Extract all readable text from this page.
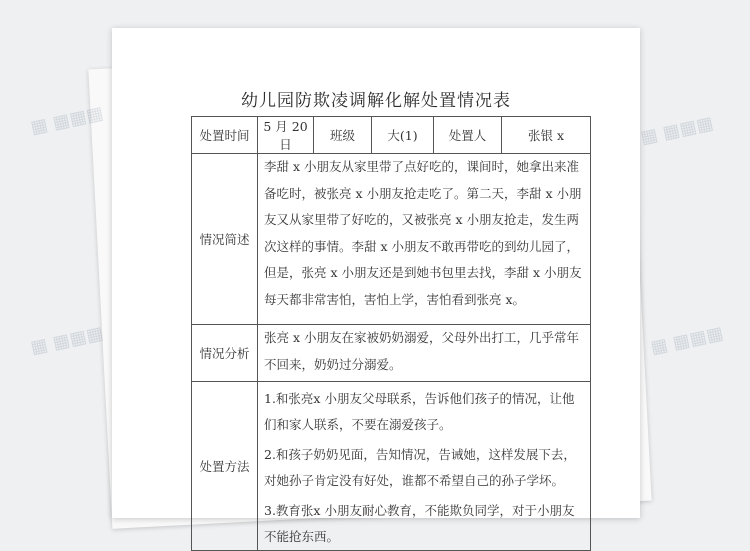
幼儿园防欺凌调解化解处置情况表
处置时间	5 月 20 日	班级	大(1)	处置人	张银 x
情况简述	李甜 x 小朋友从家里带了点好吃的，课间时，她拿出来准备吃时，被张亮 x 小朋友抢走吃了。第二天，李甜 x 小朋友又从家里带了好吃的，又被张亮 x 小朋友抢走，发生两次这样的事情。李甜 x 小朋友不敢再带吃的到幼儿园了，但是，张亮 x 小朋友还是到她书包里去找，李甜 x 小朋友每天都非常害怕，害怕上学，害怕看到张亮 x。				
情况分析	张亮 x 小朋友在家被奶奶溺爱，父母外出打工，几乎常年不回来，奶奶过分溺爱。				
处置方法	1.和张亮x 小朋友父母联系，告诉他们孩子的情况，让他们和家人联系，不要在溺爱孩子。
2.和孩子奶奶见面，告知情况，告诫她，这样发展下去，对她孙子肯定没有好处，谁都不希望自己的孙子学坏。
3.教育张x 小朋友耐心教育，不能欺负同学，对于小朋友不能抢东西。				
▦ ▦▦▦	▦ ▦▦▦
▦ ▦▦▦	▦ ▦▦▦
